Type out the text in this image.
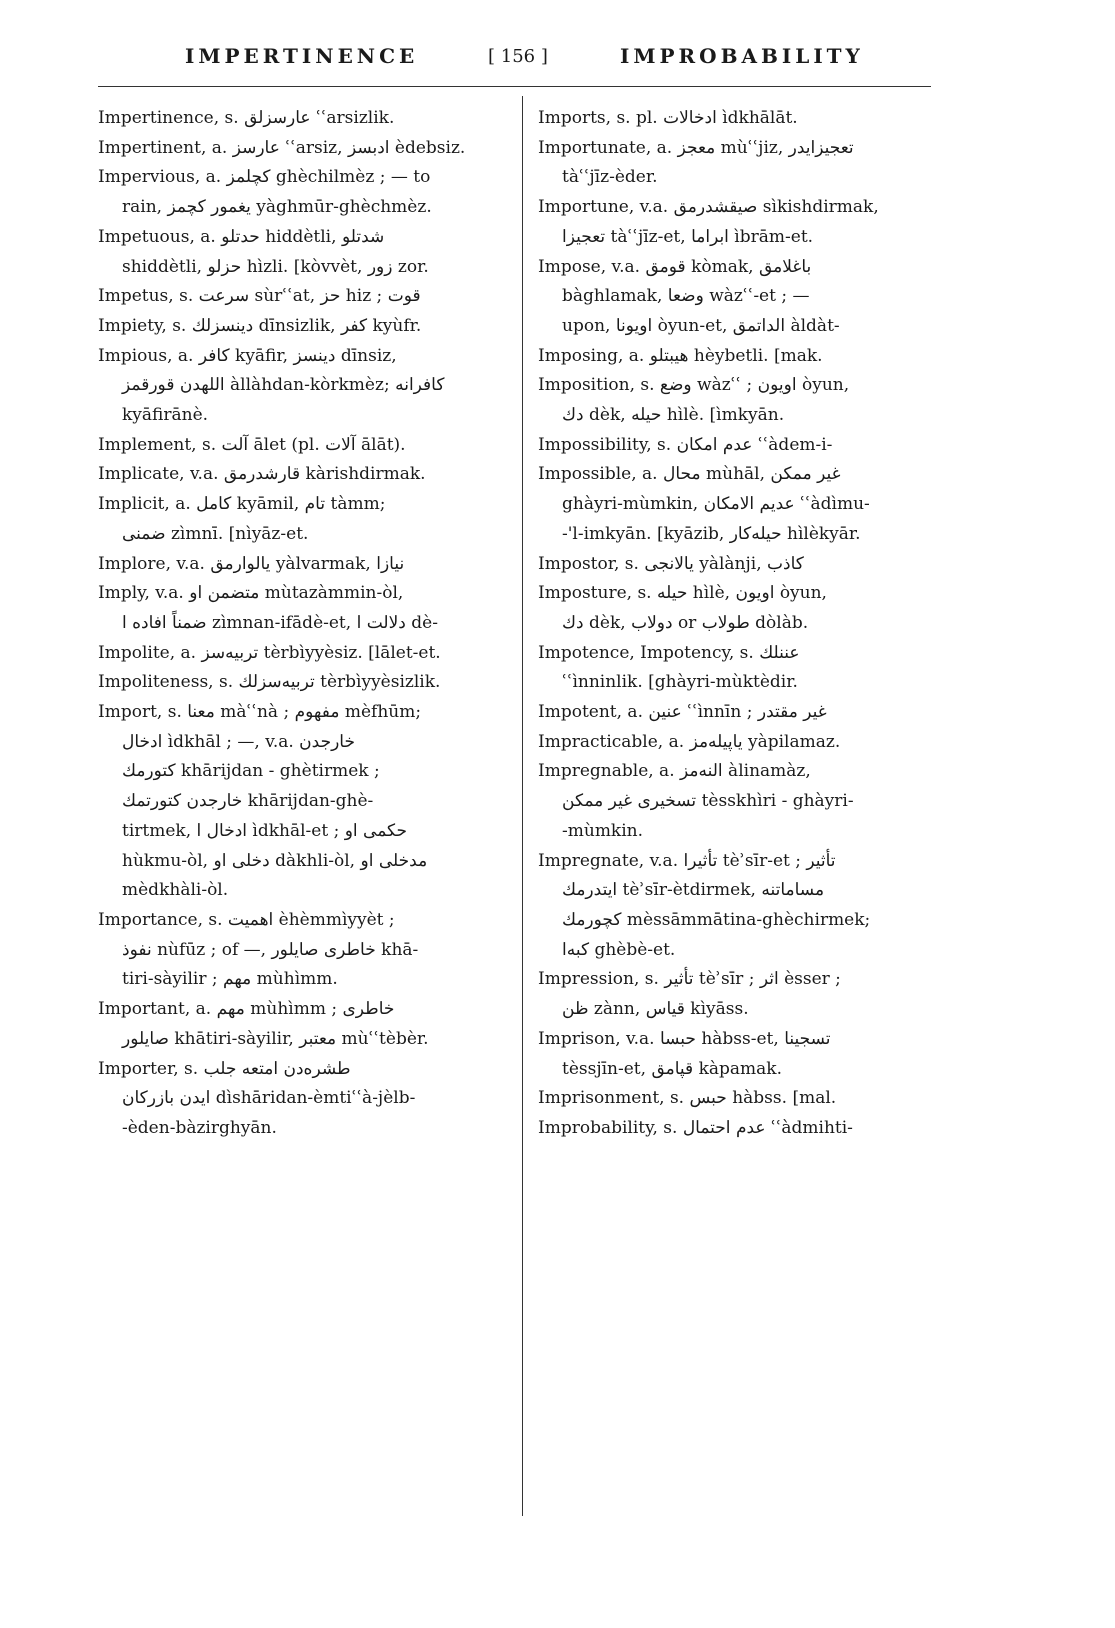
IMPERTINENCE	[ 156 ]	IMPROBABILITY
Impertinence, s. عارسزلق ʿʿarsizlik.
Impertinent, a. عارسز ʿʿarsiz, ادبسز èdebsiz.
Impervious, a. كچلمز ghèchilmèz ; — to
rain, يغمور كچمز yàghmūr-ghèchmèz.
Impetuous, a. حدتلو hiddètli, شدتلو
shiddètli, حزلو hìzli. [kòvvèt, زور zor.
Impetus, s. سرعت sùrʿʿat, حز hiz ; قوت
Impiety, s. دينسزلك dīnsizlik, كفر kyùfr.
Impious, a. كافر kyāfir, دينسز dīnsiz,
اللهدن قورقمز àllàhdan-kòrkmèz; كافرانه
kyāfirānè.
Implement, s. آلت ālet (pl. آلات ālāt).
Implicate, v.a. قارشدرمق kàrishdirmak.
Implicit, a. كامل kyāmil, تام tàmm;
ضمنى zìmnī. [nìyāz-et.
Implore, v.a. يالوارمق yàlvarmak, نيازا
Imply, v.a. متضمن او mùtazàmmin-òl,
ضمناً افاده ا zìmnan-ifādè-et, دلالت ا dè-
Impolite, a. تربيه‌سز tèrbìyyèsiz. [lālet-et.
Impoliteness, s. تربيه‌سزلك tèrbìyyèsizlik.
Import, s. معنا màʿʿnà ; مفهوم mèfhūm;
ادخال ìdkhāl ; —, v.a. خارجدن
كتورمك khārijdan - ghètirmek ;
خارجدن كتورتمك khārijdan-ghè-
tirtmek, ادخال ا ìdkhāl-et ; حكمى او
hùkmu-òl, دخلى او dàkhli-òl, مدخلى او
mèdkhàli-òl.
Importance, s. اهميت èhèmmìyyèt ;
نفوذ nùfūz ; of —, خاطرى صايلور khā-
tiri-sàyilir ; مهم mùhìmm.
Important, a. مهم mùhìmm ; خاطرى
صايلور khātiri-sàyilir, معتبر mùʿʿtèbèr.
Importer, s. طشره‌دن امتعه جلب
ايدن بازركان dìshāridan-èmtiʿʿà-jèlb-
-èden-bàzirghyān.
Imports, s. pl. ادخالات ìdkhālāt.
Importunate, a. معجز mùʿʿjiz, تعجيزايدر
tàʿʿjīz-èder.
Importune, v.a. صيقشدرمق sìkishdirmak,
تعجيزا tàʿʿjīz-et, ابراما ìbrām-et.
Impose, v.a. قومق kòmak, باغلامق
bàghlamak, وضعا wàzʿʿ-et ; —
upon, اويونا òyun-et, الداتمق àldàt-
Imposing, a. هيبتلو hèybetli. [mak.
Imposition, s. وضع wàzʿʿ ; اويون òyun,
دك dèk, حيله hìlè. [ìmkyān.
Impossibility, s. عدم امكان ʿʿàdem-i-
Impossible, a. محال mùhāl, غير ممكن
ghàyri-mùmkin, عديم الامكان ʿʿàdìmu-
-'l-imkyān. [kyāzib, حيله‌كار hìlèkyār.
Impostor, s. يالانجى yàlànji, كاذب
Imposture, s. حيله hìlè, اويون òyun,
دك dèk, دولاب or طولاب dòlàb.
Impotence, Impotency, s. عننلك
ʿʿìnninlik. [ghàyri-mùktèdir.
Impotent, a. عنين ʿʿìnnīn ; غير مقتدر
Impracticable, a. ياپيله‌مز yàpilamaz.
Impregnable, a. النه‌مز àlinamàz,
تسخيرى غير ممكن tèsskhìri - ghàyri-
-mùmkin.
Impregnate, v.a. تأثيرا tèʾsīr-et ; تأثير
ايتدرمك tèʾsīr-ètdirmek, مساماتنه
كچورمك mèssāmmātina-ghèchirmek;
كبه‌ا ghèbè-et.
Impression, s. تأثير tèʾsīr ; اثر èsser ;
ظن zànn, قياس kìyāss.
Imprison, v.a. حبسا hàbss-et, تسجينا
tèssjīn-et, قپامق kàpamak.
Imprisonment, s. حبس hàbss. [mal.
Improbability, s. عدم احتمال ʿʿàdmihti-
